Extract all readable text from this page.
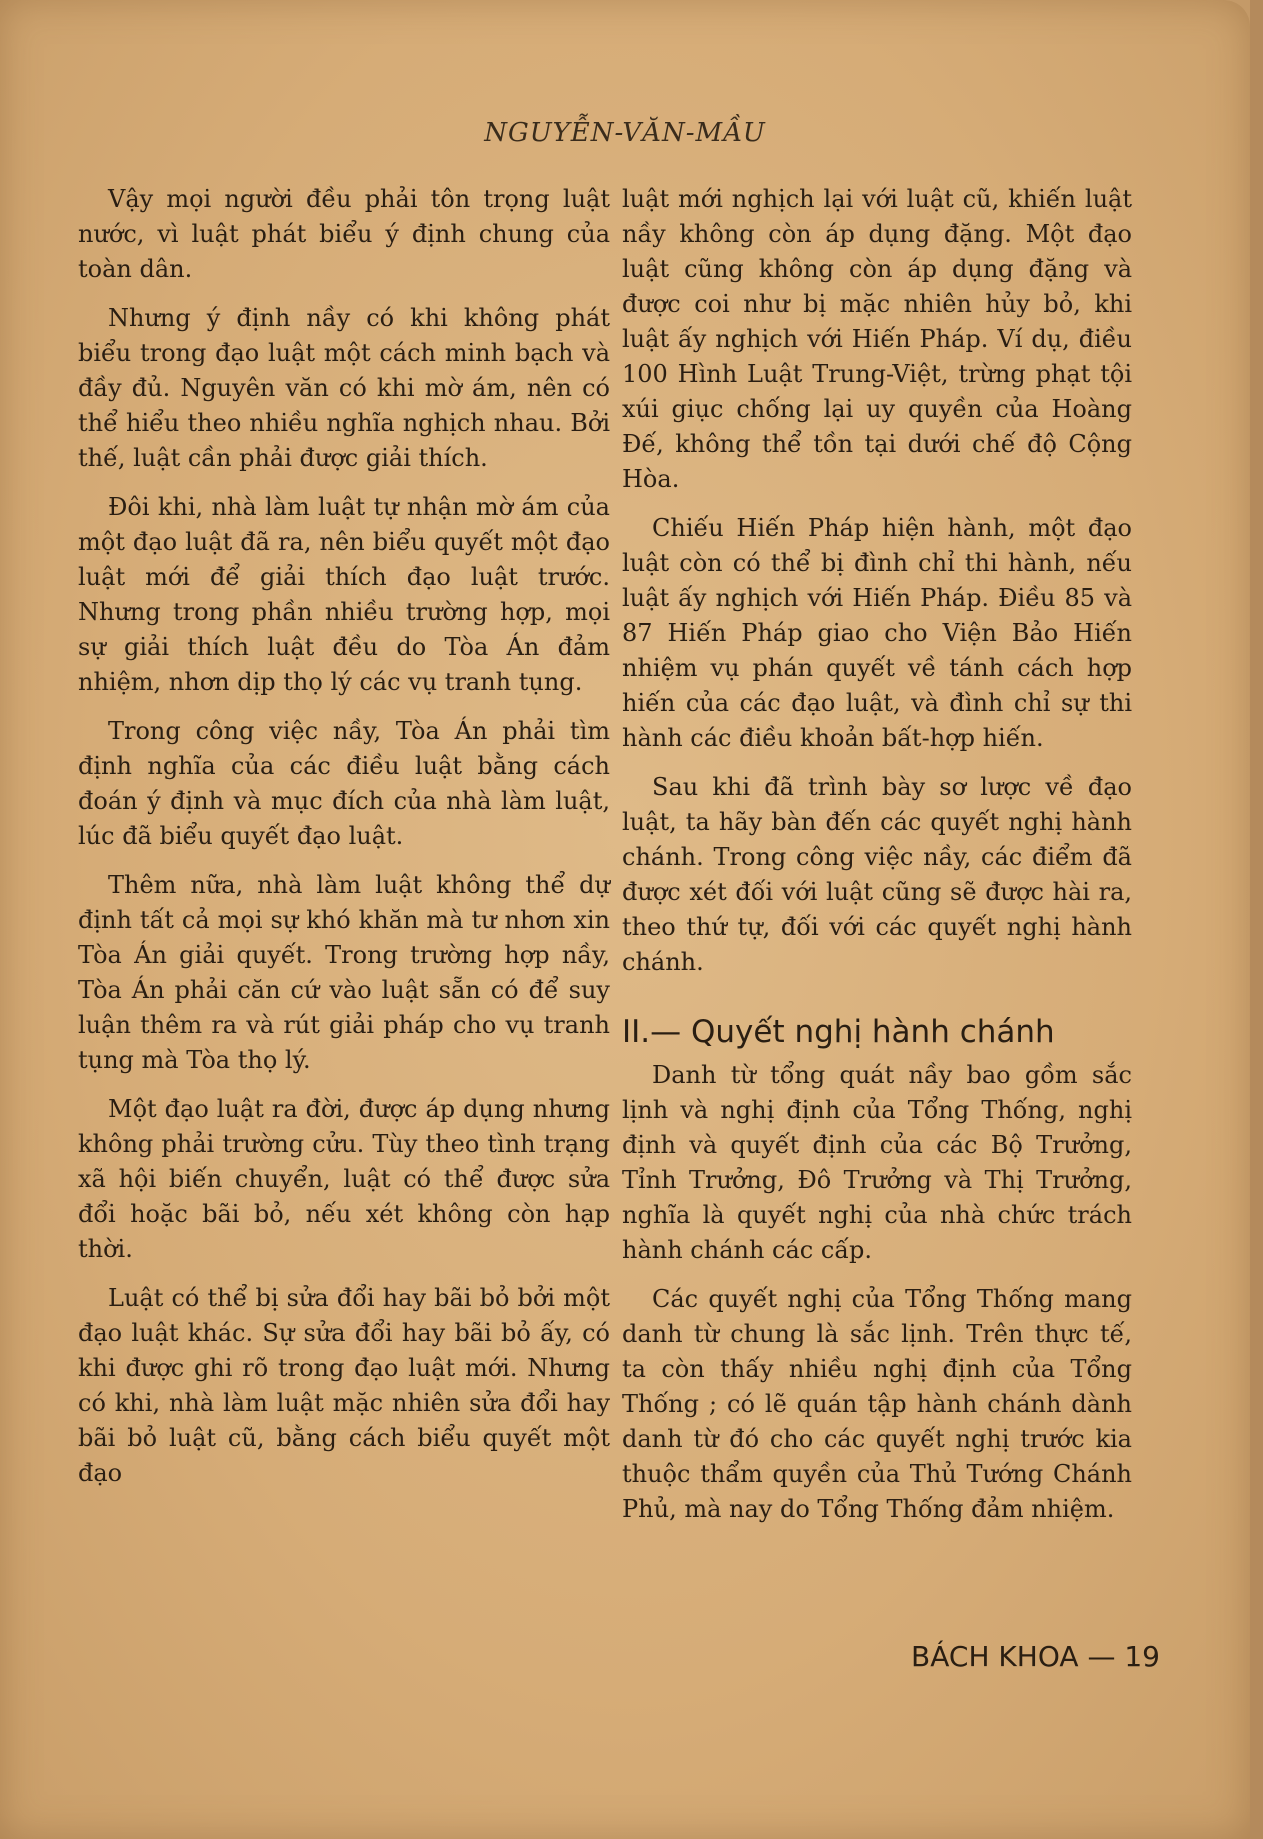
NGUYỄN-VĂN-MẦU

Vậy mọi người đều phải tôn trọng luật nước, vì luật phát biểu ý định chung của toàn dân.

Nhưng ý định nầy có khi không phát biểu trong đạo luật một cách minh bạch và đầy đủ. Nguyên văn có khi mờ ám, nên có thể hiểu theo nhiều nghĩa nghịch nhau. Bởi thế, luật cần phải được giải thích.

Đôi khi, nhà làm luật tự nhận mờ ám của một đạo luật đã ra, nên biểu quyết một đạo luật mới để giải thích đạo luật trước. Nhưng trong phần nhiều trường hợp, mọi sự giải thích luật đều do Tòa Án đảm nhiệm, nhơn dịp thọ lý các vụ tranh tụng.

Trong công việc nầy, Tòa Án phải tìm định nghĩa của các điều luật bằng cách đoán ý định và mục đích của nhà làm luật, lúc đã biểu quyết đạo luật.

Thêm nữa, nhà làm luật không thể dự định tất cả mọi sự khó khăn mà tư nhơn xin Tòa Án giải quyết. Trong trường hợp nầy, Tòa Án phải căn cứ vào luật sẵn có để suy luận thêm ra và rút giải pháp cho vụ tranh tụng mà Tòa thọ lý.

Một đạo luật ra đời, được áp dụng nhưng không phải trường cửu. Tùy theo tình trạng xã hội biến chuyển, luật có thể được sửa đổi hoặc bãi bỏ, nếu xét không còn hạp thời.

Luật có thể bị sửa đổi hay bãi bỏ bởi một đạo luật khác. Sự sửa đổi hay bãi bỏ ấy, có khi được ghi rõ trong đạo luật mới. Nhưng có khi, nhà làm luật mặc nhiên sửa đổi hay bãi bỏ luật cũ, bằng cách biểu quyết một đạo

luật mới nghịch lại với luật cũ, khiến luật nầy không còn áp dụng đặng. Một đạo luật cũng không còn áp dụng đặng và được coi như bị mặc nhiên hủy bỏ, khi luật ấy nghịch với Hiến Pháp. Ví dụ, điều 100 Hình Luật Trung-Việt, trừng phạt tội xúi giục chống lại uy quyền của Hoàng Đế, không thể tồn tại dưới chế độ Cộng Hòa.

Chiếu Hiến Pháp hiện hành, một đạo luật còn có thể bị đình chỉ thi hành, nếu luật ấy nghịch với Hiến Pháp. Điều 85 và 87 Hiến Pháp giao cho Viện Bảo Hiến nhiệm vụ phán quyết về tánh cách hợp hiến của các đạo luật, và đình chỉ sự thi hành các điều khoản bất-hợp hiến.

Sau khi đã trình bày sơ lược về đạo luật, ta hãy bàn đến các quyết nghị hành chánh. Trong công việc nầy, các điểm đã được xét đối với luật cũng sẽ được hài ra, theo thứ tự, đối với các quyết nghị hành chánh.

II.— Quyết nghị hành chánh

Danh từ tổng quát nầy bao gồm sắc lịnh và nghị định của Tổng Thống, nghị định và quyết định của các Bộ Trưởng, Tỉnh Trưởng, Đô Trưởng và Thị Trưởng, nghĩa là quyết nghị của nhà chức trách hành chánh các cấp.

Các quyết nghị của Tổng Thống mang danh từ chung là sắc lịnh. Trên thực tế, ta còn thấy nhiều nghị định của Tổng Thống ; có lẽ quán tập hành chánh dành danh từ đó cho các quyết nghị trước kia thuộc thẩm quyền của Thủ Tướng Chánh Phủ, mà nay do Tổng Thống đảm nhiệm.

BÁCH KHOA — 19
